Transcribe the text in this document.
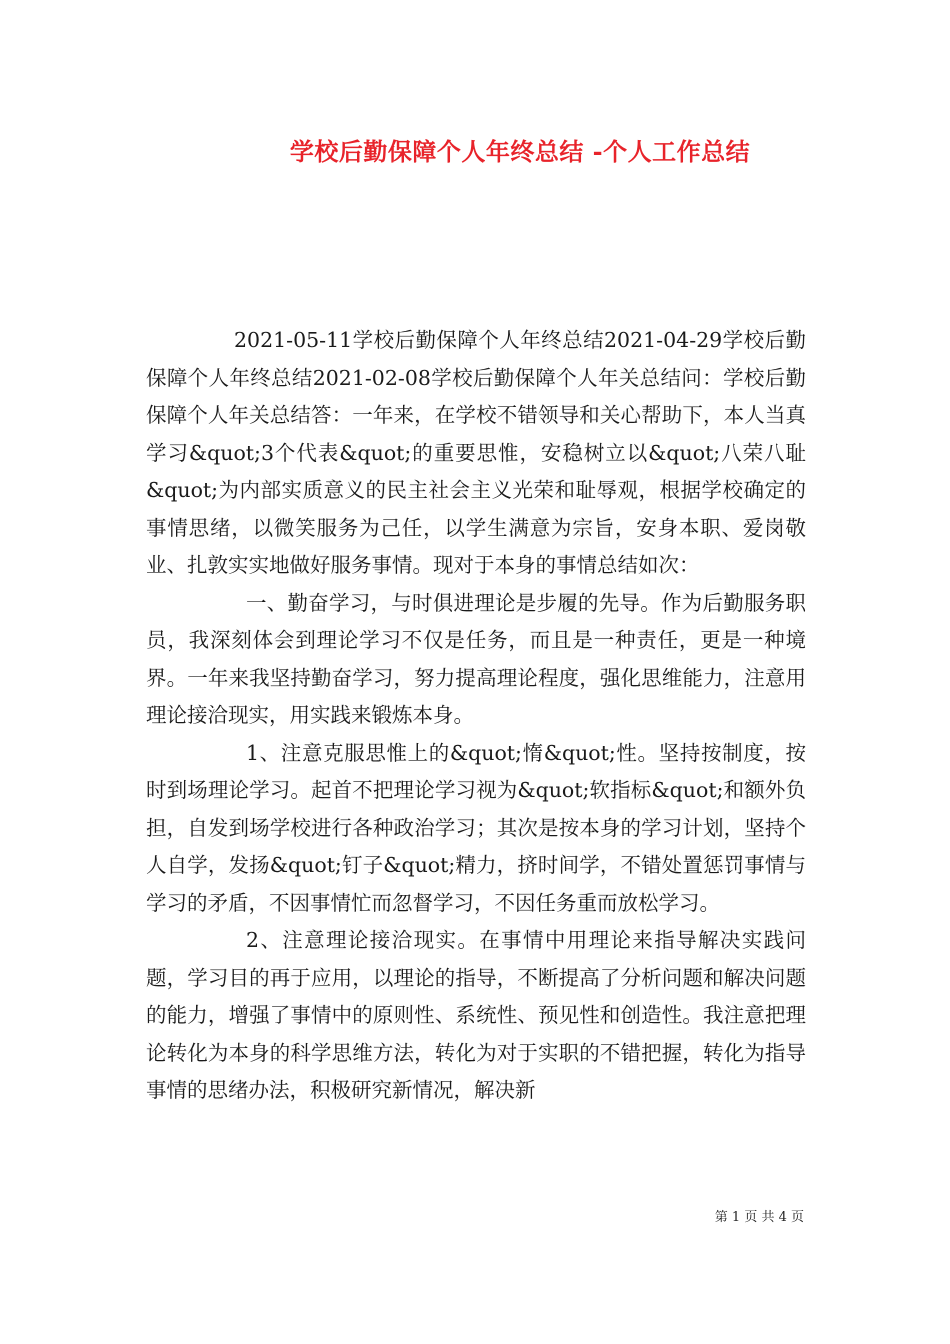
学校后勤保障个人年终总结 -个人工作总结

2021-05-11学校后勤保障个人年终总结2021-04-29学校后勤保障个人年终总结2021-02-08学校后勤保障个人年关总结问：学校后勤保障个人年关总结答：一年来，在学校不错领导和关心帮助下，本人当真学习&quot;3个代表&quot;的重要思惟，安稳树立以&quot;八荣八耻&quot;为内部实质意义的民主社会主义光荣和耻辱观，根据学校确定的事情思绪，以微笑服务为己任，以学生满意为宗旨，安身本职、爱岗敬业、扎敦实实地做好服务事情。现对于本身的事情总结如次：

一、勤奋学习，与时俱进理论是步履的先导。作为后勤服务职员，我深刻体会到理论学习不仅是任务，而且是一种责任，更是一种境界。一年来我坚持勤奋学习，努力提高理论程度，强化思维能力，注意用理论接洽现实，用实践来锻炼本身。

1、注意克服思惟上的&quot;惰&quot;性。坚持按制度，按时到场理论学习。起首不把理论学习视为&quot;软指标&quot;和额外负担，自发到场学校进行各种政治学习；其次是按本身的学习计划，坚持个人自学，发扬&quot;钉子&quot;精力，挤时间学，不错处置惩罚事情与学习的矛盾，不因事情忙而忽督学习，不因任务重而放松学习。

2、注意理论接洽现实。在事情中用理论来指导解决实践问题，学习目的再于应用，以理论的指导，不断提高了分析问题和解决问题的能力，增强了事情中的原则性、系统性、预见性和创造性。我注意把理论转化为本身的科学思维方法，转化为对于实职的不错把握，转化为指导事情的思绪办法，积极研究新情况，解决新

第 1 页 共 4 页
